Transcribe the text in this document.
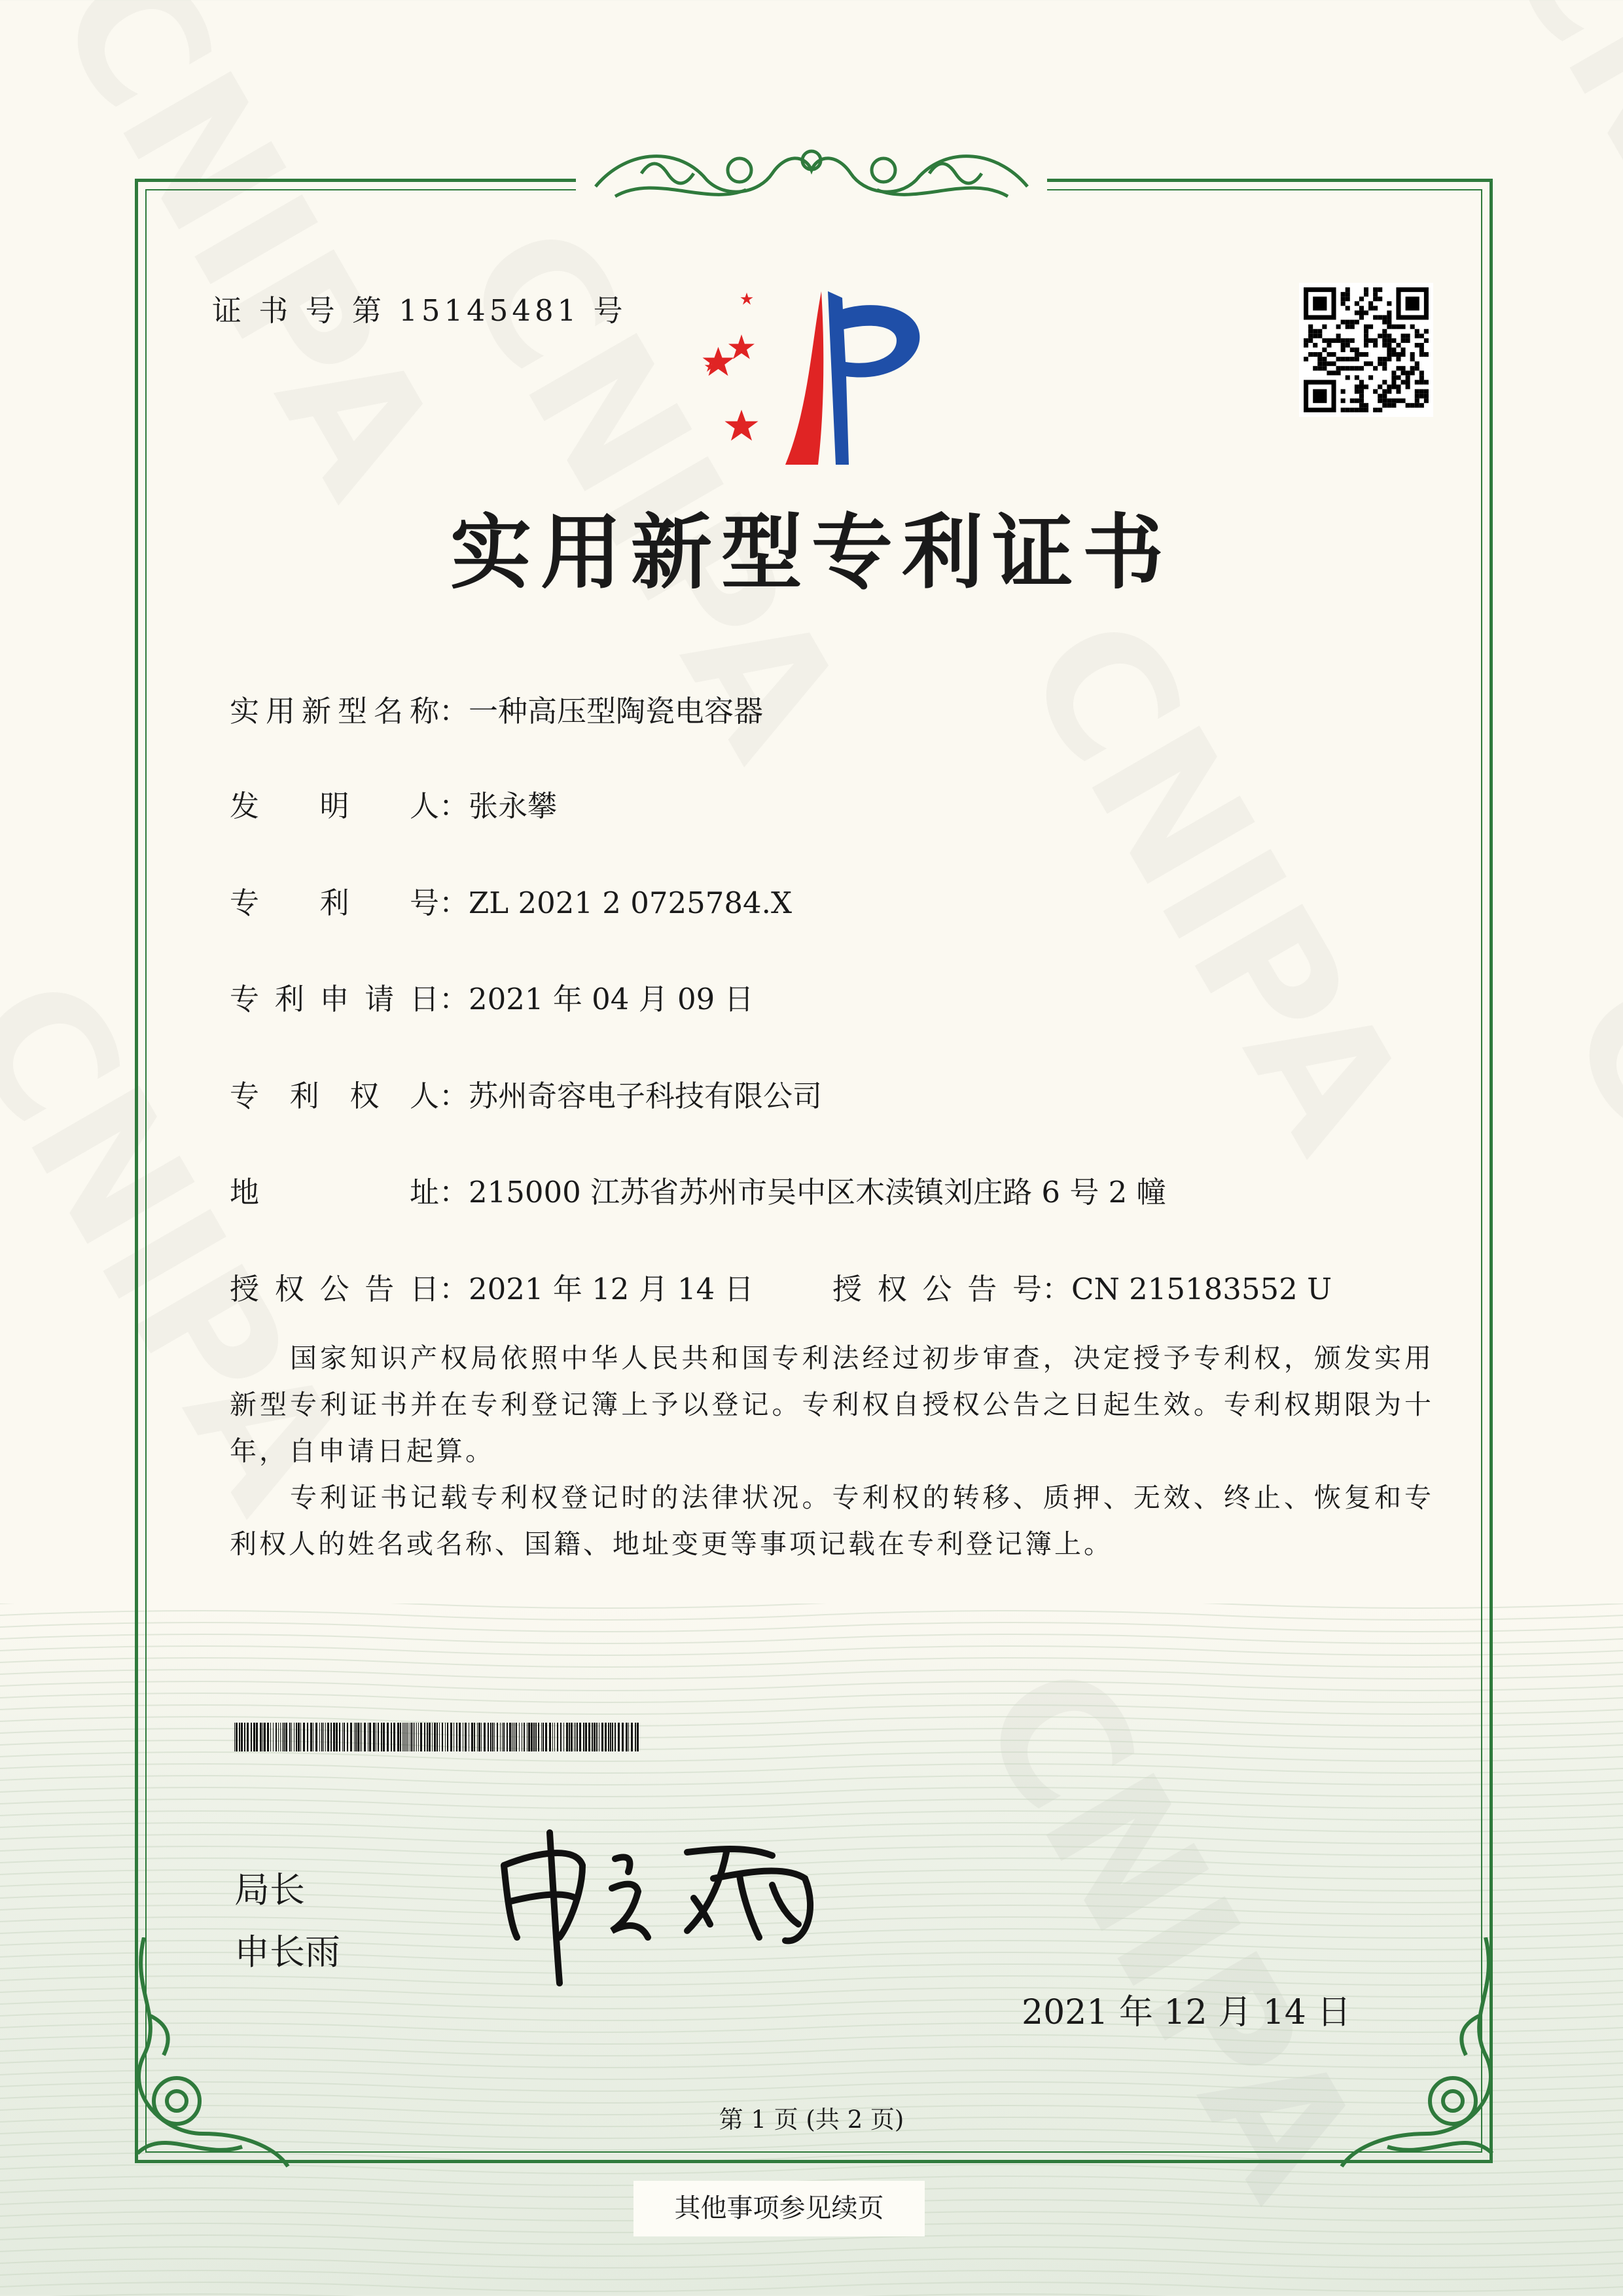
证 书 号 第 15145481 号
实用新型专利证书
实用新型名称：一种高压型陶瓷电容器
发明人：张永攀
专利号：ZL 2021 2 0725784.X
专利申请日：2021 年 04 月 09 日
专利权人：苏州奇容电子科技有限公司
地址：215000 江苏省苏州市吴中区木渎镇刘庄路 6 号 2 幢
授权公告日：2021 年 12 月 14 日	授权公告号：CN 215183552 U

国家知识产权局依照中华人民共和国专利法经过初步审查，决定授予专利权，颁发实用新型专利证书并在专利登记簿上予以登记。专利权自授权公告之日起生效。专利权期限为十年，自申请日起算。

专利证书记载专利权登记时的法律状况。专利权的转移、质押、无效、终止、恢复和专利权人的姓名或名称、国籍、地址变更等事项记载在专利登记簿上。

局长
申长雨
2021 年 12 月 14 日
第 1 页 (共 2 页)
其他事项参见续页
